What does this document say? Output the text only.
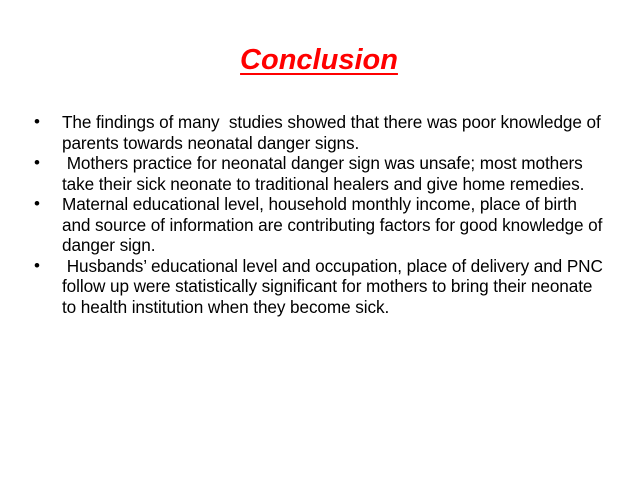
Conclusion
•	The findings of many  studies showed that there was poor knowledge of parents towards neonatal danger signs.
•	Mothers practice for neonatal danger sign was unsafe; most mothers take their sick neonate to traditional healers and give home remedies.
•	Maternal educational level, household monthly income, place of birth and source of information are contributing factors for good knowledge of danger sign.
•	Husbands’ educational level and occupation, place of delivery and PNC follow up were statistically significant for mothers to bring their neonate to health institution when they become sick.
